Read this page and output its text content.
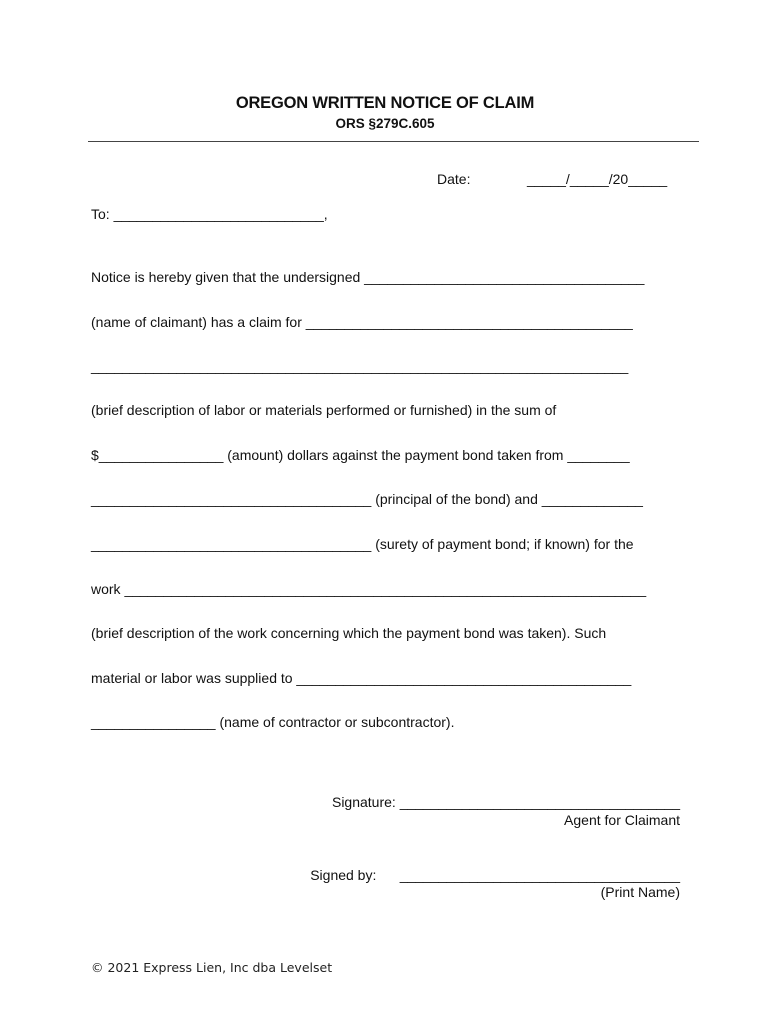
OREGON WRITTEN NOTICE OF CLAIM
ORS §279C.605
Date:	_____/_____/20_____
To: ___________________________,
Notice is hereby given that the undersigned ____________________________________
(name of claimant) has a claim for __________________________________________
_____________________________________________________________________
(brief description of labor or materials performed or furnished) in the sum of
$________________ (amount) dollars against the payment bond taken from ________
____________________________________ (principal of the bond) and _____________
____________________________________ (surety of payment bond; if known) for the
work ___________________________________________________________________
(brief description of the work concerning which the payment bond was taken). Such
material or labor was supplied to ___________________________________________
________________ (name of contractor or subcontractor).
Signature: ____________________________________
Agent for Claimant
Signed by:      ____________________________________
(Print Name)
© 2021 Express Lien, Inc dba Levelset
